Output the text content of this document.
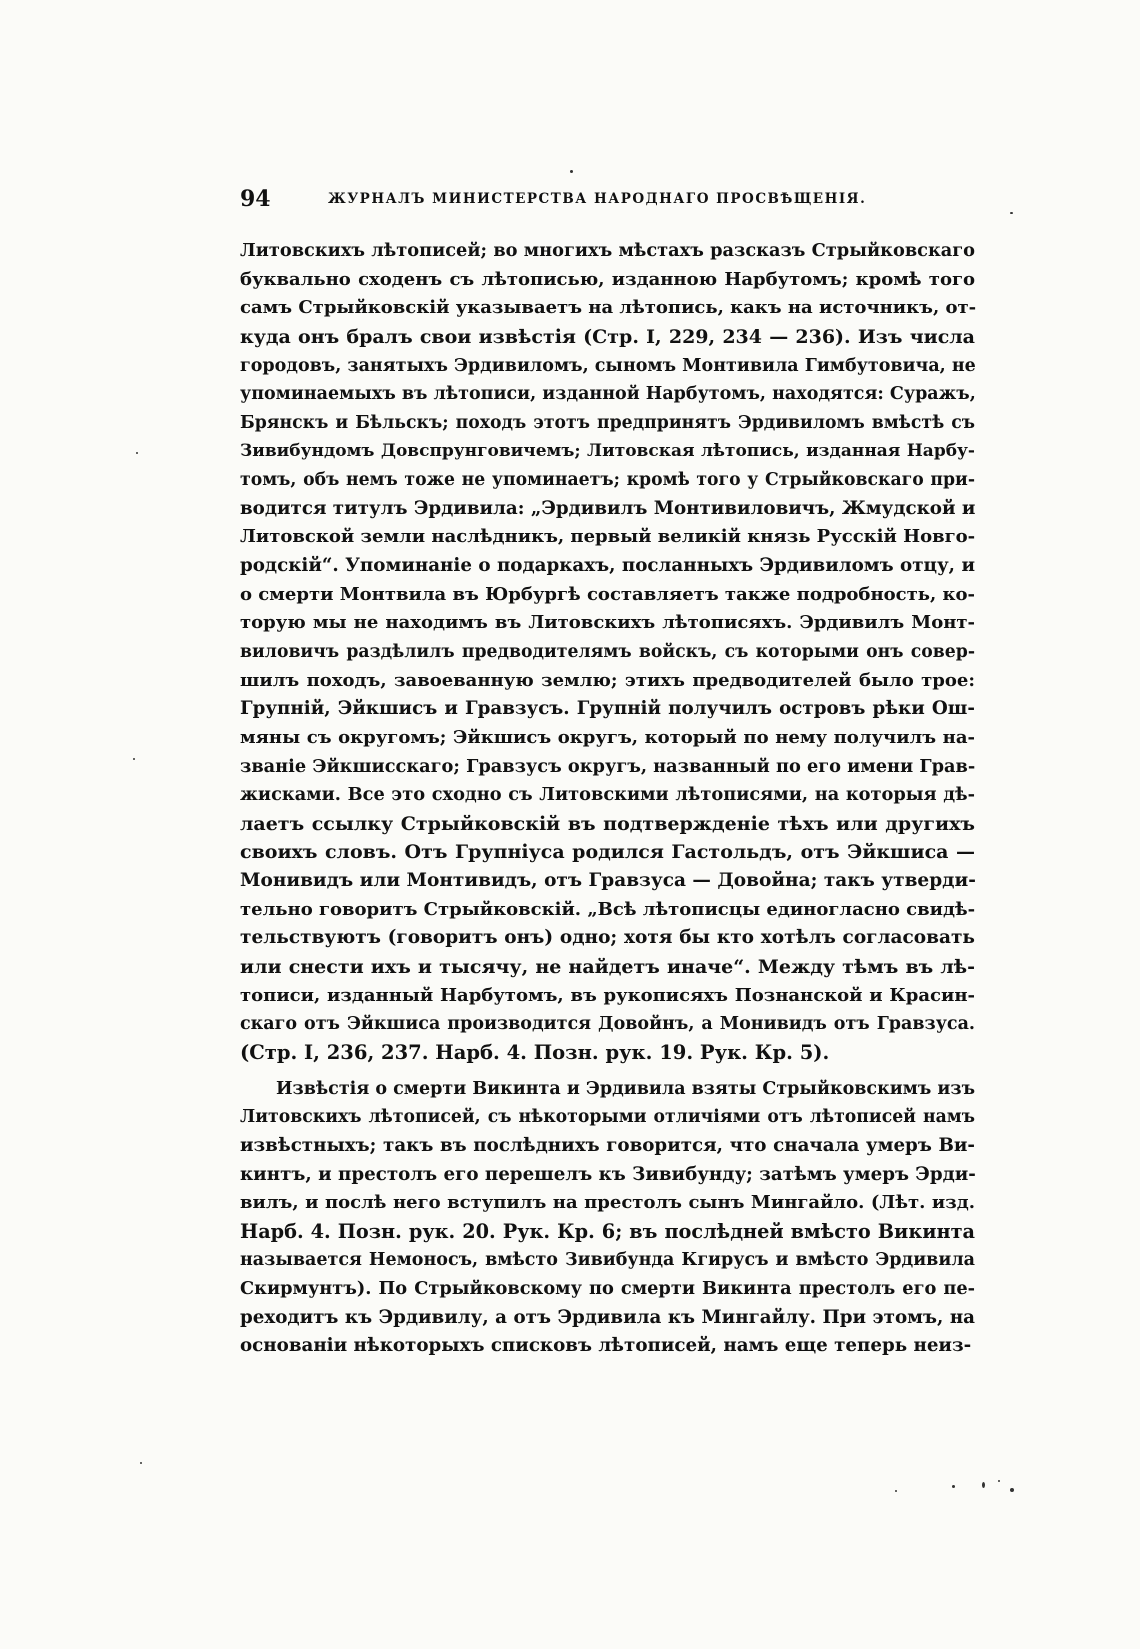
94	ЖУРНАЛЪ МИНИСТЕРСТВА НАРОДНАГО ПРОСВѢЩЕНІЯ.
Литовскихъ лѣтописей; во многихъ мѣстахъ разсказъ Стрыйковскаго
буквально сходенъ съ лѣтописью, изданною Нарбутомъ; кромѣ того
самъ Стрыйковскій указываетъ на лѣтопись, какъ на источникъ, от-
куда онъ бралъ свои извѣстія (Стр. I, 229, 234 — 236). Изъ числа
городовъ, занятыхъ Эрдивиломъ, сыномъ Монтивила Гимбутовича, не
упоминаемыхъ въ лѣтописи, изданной Нарбутомъ, находятся: Суражъ,
Брянскъ и Бѣльскъ; походъ этотъ предпринятъ Эрдивиломъ вмѣстѣ съ
Зивибундомъ Довспрунговичемъ; Литовская лѣтопись, изданная Нарбу-
томъ, объ немъ тоже не упоминаетъ; кромѣ того у Стрыйковскаго при-
водится титулъ Эрдивила: „Эрдивилъ Монтивиловичъ, Жмудской и
Литовской земли наслѣдникъ, первый великій князь Русскій Новго-
родскій“. Упоминаніе о подаркахъ, посланныхъ Эрдивиломъ отцу, и
о смерти Монтвила въ Юрбургѣ составляетъ также подробность, ко-
торую мы не находимъ въ Литовскихъ лѣтописяхъ. Эрдивилъ Монт-
виловичъ раздѣлилъ предводителямъ войскъ, съ которыми онъ совер-
шилъ походъ, завоеванную землю; этихъ предводителей было трое:
Групній, Эйкшисъ и Гравзусъ. Групній получилъ островъ рѣки Ош-
мяны съ округомъ; Эйкшисъ округъ, который по нему получилъ на-
званіе Эйкшисскаго; Гравзусъ округъ, названный по его имени Грав-
жисками. Все это сходно съ Литовскими лѣтописями, на которыя дѣ-
лаетъ ссылку Стрыйковскій въ подтвержденіе тѣхъ или другихъ
своихъ словъ. Отъ Групніуса родился Гастольдъ, отъ Эйкшиса —
Монивидъ или Монтивидъ, отъ Гравзуса — Довойна; такъ утверди-
тельно говоритъ Стрыйковскій. „Всѣ лѣтописцы единогласно свидѣ-
тельствуютъ (говоритъ онъ) одно; хотя бы кто хотѣлъ согласовать
или снести ихъ и тысячу, не найдетъ иначе“. Между тѣмъ въ лѣ-
тописи, изданный Нарбутомъ, въ рукописяхъ Познанской и Красин-
скаго отъ Эйкшиса производится Довойнъ, а Монивидъ отъ Гравзуса.
(Стр. I, 236, 237. Нарб. 4. Позн. рук. 19. Рук. Кр. 5).
Извѣстія о смерти Викинта и Эрдивила взяты Стрыйковскимъ изъ
Литовскихъ лѣтописей, съ нѣкоторыми отличіями отъ лѣтописей намъ
извѣстныхъ; такъ въ послѣднихъ говорится, что сначала умеръ Ви-
кинтъ, и престолъ его перешелъ къ Зивибунду; затѣмъ умеръ Эрди-
вилъ, и послѣ него вступилъ на престолъ сынъ Мингайло. (Лѣт. изд.
Нарб. 4. Позн. рук. 20. Рук. Кр. 6; въ послѣдней вмѣсто Викинта
называется Немоносъ, вмѣсто Зивибунда Кгирусъ и вмѣсто Эрдивила
Скирмунтъ). По Стрыйковскому по смерти Викинта престолъ его пе-
реходитъ къ Эрдивилу, а отъ Эрдивила къ Мингайлу. При этомъ, на
основаніи нѣкоторыхъ списковъ лѣтописей, намъ еще теперь неиз-
